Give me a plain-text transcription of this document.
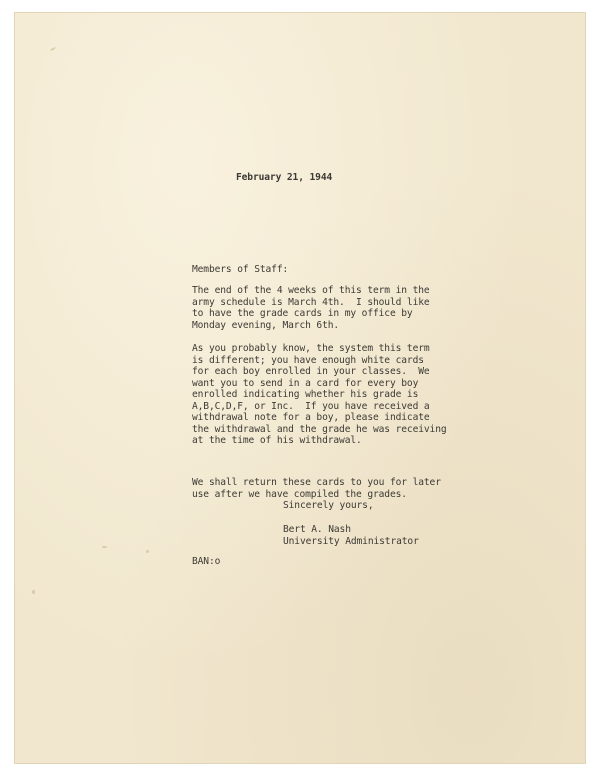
February 21, 1944
Members of Staff:
The end of the 4 weeks of this term in the
army schedule is March 4th.  I should like
to have the grade cards in my office by
Monday evening, March 6th.
As you probably know, the system this term
is different; you have enough white cards
for each boy enrolled in your classes.  We
want you to send in a card for every boy
enrolled indicating whether his grade is
A,B,C,D,F, or Inc.  If you have received a
withdrawal note for a boy, please indicate
the withdrawal and the grade he was receiving
at the time of his withdrawal.
We shall return these cards to you for later
use after we have compiled the grades.
Sincerely yours,
Bert A. Nash
University Administrator
BAN:o
